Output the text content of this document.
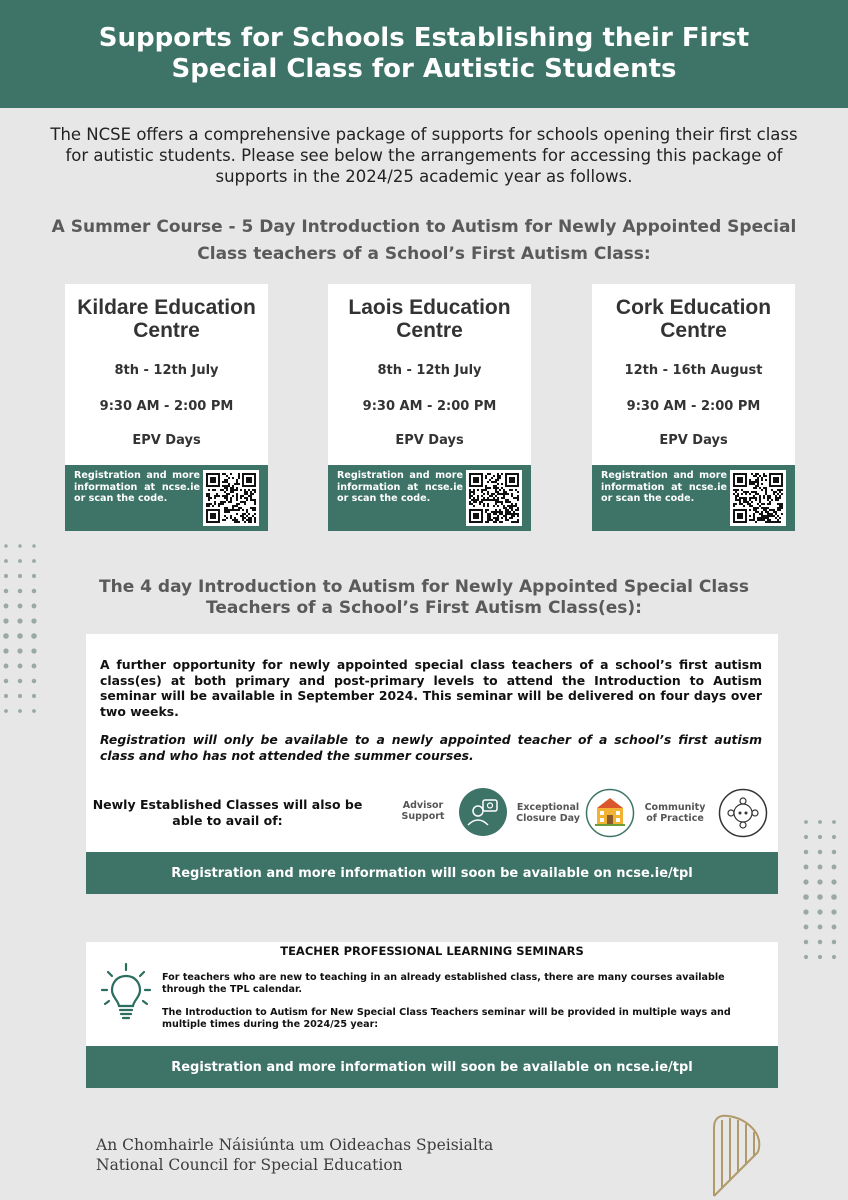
Supports for Schools Establishing their First Special Class for Autistic Students

The NCSE offers a comprehensive package of supports for schools opening their first class for autistic students. Please see below the arrangements for accessing this package of supports in the 2024/25 academic year as follows.

A Summer Course - 5 Day Introduction to Autism for Newly Appointed Special
Class teachers of a School’s First Autism Class:
Kildare Education Centre
8th - 12th July
9:30 AM - 2:00 PM
EPV Days
Registration and more information at ncse.ie or scan the code.
Laois Education Centre
8th - 12th July
9:30 AM - 2:00 PM
EPV Days
Registration and more information at ncse.ie or scan the code.
Cork Education Centre
12th - 16th August
9:30 AM - 2:00 PM
EPV Days
Registration and more information at ncse.ie or scan the code.
The 4 day Introduction to Autism for Newly Appointed Special Class
Teachers of a School’s First Autism Class(es):

A further opportunity for newly appointed special class teachers of a school’s first autism class(es) at both primary and post-primary levels to attend the Introduction to Autism seminar will be available in September 2024. This seminar will be delivered on four days over two weeks.

Registration will only be available to a newly appointed teacher of a school’s first autism class and who has not attended the summer courses.

Newly Established Classes will also be able to avail of:
Advisor Support
Exceptional Closure Day
Community of Practice
Registration and more information will soon be available on ncse.ie/tpl
TEACHER PROFESSIONAL LEARNING SEMINARS

For teachers who are new to teaching in an already established class, there are many courses available through the TPL calendar.

The Introduction to Autism for New Special Class Teachers seminar will be provided in multiple ways and multiple times during the 2024/25 year:

Registration and more information will soon be available on ncse.ie/tpl
An Chomhairle Náisiúnta um Oideachas Speisialta
National Council for Special Education
